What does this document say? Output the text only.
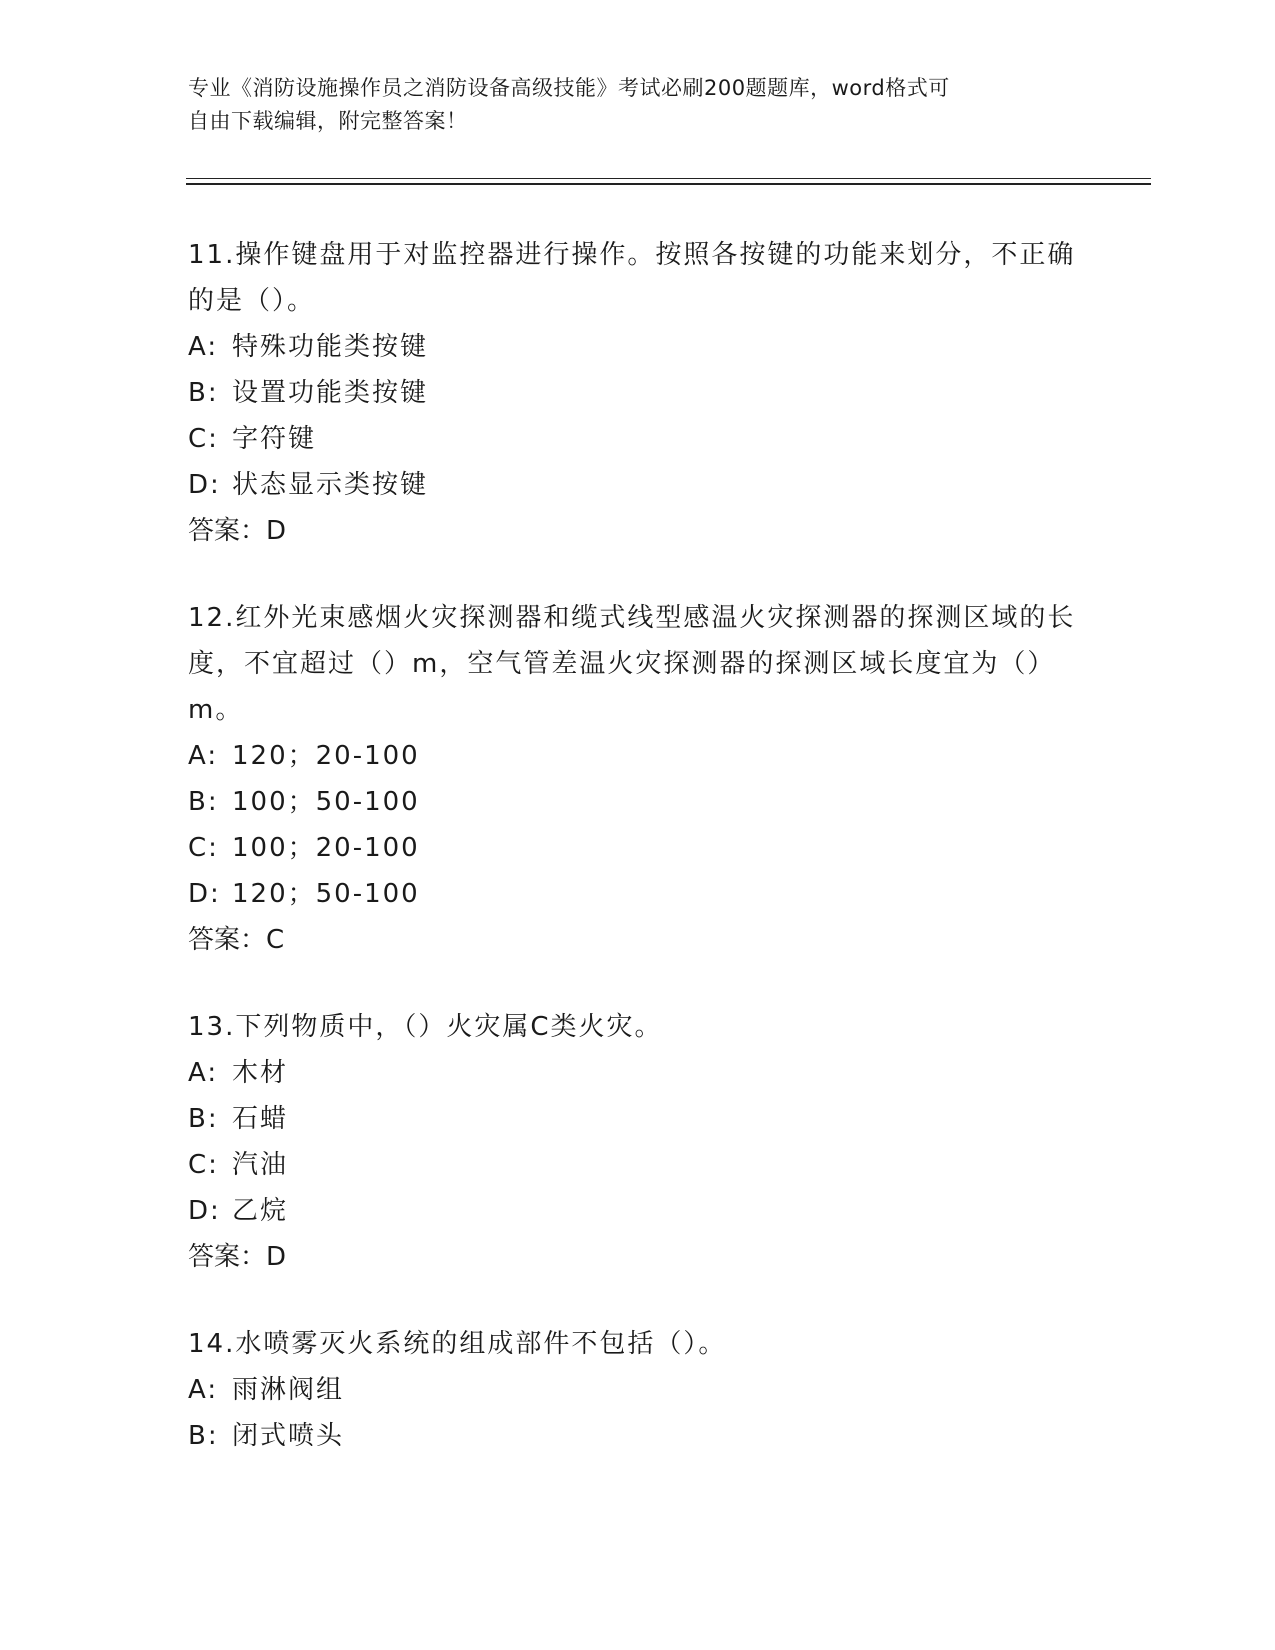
专业《消防设施操作员之消防设备高级技能》考试必刷200题题库，word格式可

自由下载编辑，附完整答案！

11.操作键盘用于对监控器进行操作。按照各按键的功能来划分，不正确的是（）。

A: 特殊功能类按键

B: 设置功能类按键

C: 字符键

D: 状态显示类按键

答案：D

12.红外光束感烟火灾探测器和缆式线型感温火灾探测器的探测区域的长度，不宜超过（）m，空气管差温火灾探测器的探测区域长度宜为（）m。

A: 120；20-100

B: 100；50-100

C: 100；20-100

D: 120；50-100

答案：C

13.下列物质中，（）火灾属C类火灾。

A: 木材

B: 石蜡

C: 汽油

D: 乙烷

答案：D

14.水喷雾灭火系统的组成部件不包括（）。

A: 雨淋阀组

B: 闭式喷头
